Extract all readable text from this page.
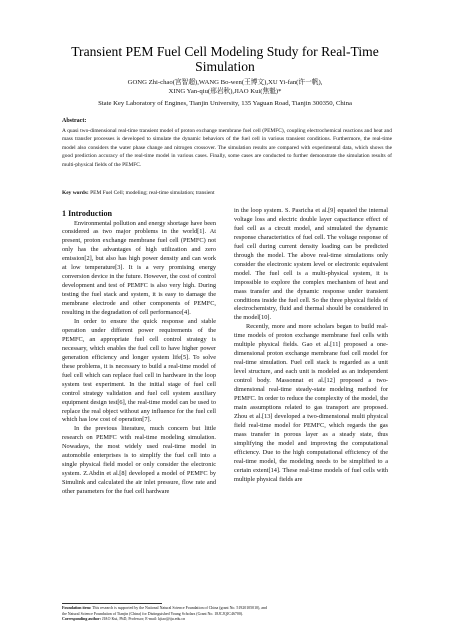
Transient PEM Fuel Cell Modeling Study for Real-Time Simulation
GONG Zhi-chao(宫智超),WANG Bo-wen(王博文),XU Yi-fan(许一帆),
XING Yan-qiu(邢岩秋),JIAO Kui(焦魁)*
State Key Laboratory of Engines, Tianjin University, 135 Yaguan Road, Tianjin 300350, China
Abstract:
A quasi two-dimensional real-time transient model of proton exchange membrane fuel cell (PEMFC), coupling electrochemical reactions and heat and mass transfer processes is developed to simulate the dynamic behaviors of the fuel cell in various transient conditions. Furthermore, the real-time model also considers the water phase change and nitrogen crossover. The simulation results are compared with experimental data, which shows the good prediction accuracy of the real-time model in various cases. Finally, some cases are conducted to further demonstrate the simulation results of multi-physical fields of the PEMFC.
Key words: PEM Fuel Cell; modeling; real-time simulation; transient
1 Introduction

Environmental pollution and energy shortage have been considered as two major problems in the world[1]. At present, proton exchange membrane fuel cell (PEMFC) not only has the advantages of high utilization and zero emission[2], but also has high power density and can work at low temperature[3]. It is a very promising energy conversion device in the future. However, the cost of control development and test of PEMFC is also very high. During testing the fuel stack and system, it is easy to damage the membrane electrode and other components of PEMFC, resulting in the degradation of cell performance[4].

In order to ensure the quick response and stable operation under different power requirements of the PEMFC, an appropriate fuel cell control strategy is necessary, which enables the fuel cell to have higher power generation efficiency and longer system life[5]. To solve these problems, it is necessary to build a real-time model of fuel cell which can replace fuel cell in hardware in the loop system test experiment. In the initial stage of fuel cell control strategy validation and fuel cell system auxiliary equipment design test[6], the real-time model can be used to replace the real object without any influence for the fuel cell which has low cost of operation[7].

In the previous literature, much concern but little research on PEMFC with real-time modeling simulation. Nowadays, the most widely used real-time model in automobile enterprises is to simplify the fuel cell into a single physical field model or only consider the electronic system. Z.Abdin et al.[8] developed a model of PEMFC by Simulink and calculated the air inlet pressure, flow rate and other parameters for the fuel cell hardware

in the loop system. S. Pasricha et al.[9] equated the internal voltage loss and electric double layer capacitance effect of fuel cell as a circuit model, and simulated the dynamic response characteristics of fuel cell. The voltage response of fuel cell during current density loading can be predicted through the model. The above real-time simulations only consider the electronic system level or electronic equivalent model. The fuel cell is a multi-physical system, it is impossible to explore the complex mechanism of heat and mass transfer and the dynamic response under transient conditions inside the fuel cell. So the three physical fields of electrochemistry, fluid and thermal should be considered in the model[10].

Recently, more and more scholars began to build real-time models of proton exchange membrane fuel cells with multiple physical fields. Gao et al.[11] proposed a one-dimensional proton exchange membrane fuel cell model for real-time simulation. Fuel cell stack is regarded as a unit level structure, and each unit is modeled as an independent control body. Massonnat et al.[12] proposed a two-dimensional real-time steady-state modeling method for PEMFC. In order to reduce the complexity of the model, the main assumptions related to gas transport are proposed. Zhou et al.[13] developed a two-dimensional multi physical field real-time model for PEMFC, which regards the gas mass transfer in porous layer as a steady state, thus simplifying the model and improving the computational efficiency. Due to the high computational efficiency of the real-time model, the modeling needs to be simplified to a certain extent[14]. These real-time models of fuel cells with multiple physical fields are

Foundation item: This research is supported by the National Natural Science Foundation of China (grant No. 51920105010), and
the Natural Science Foundation of Tianjin (China) for Distinguished Young Scholars (Grant No. 18JCJQJC46700).
Corresponding author: JIAO Kui, PhD, Professor; E-mail: kjiao@tju.edu.cn
